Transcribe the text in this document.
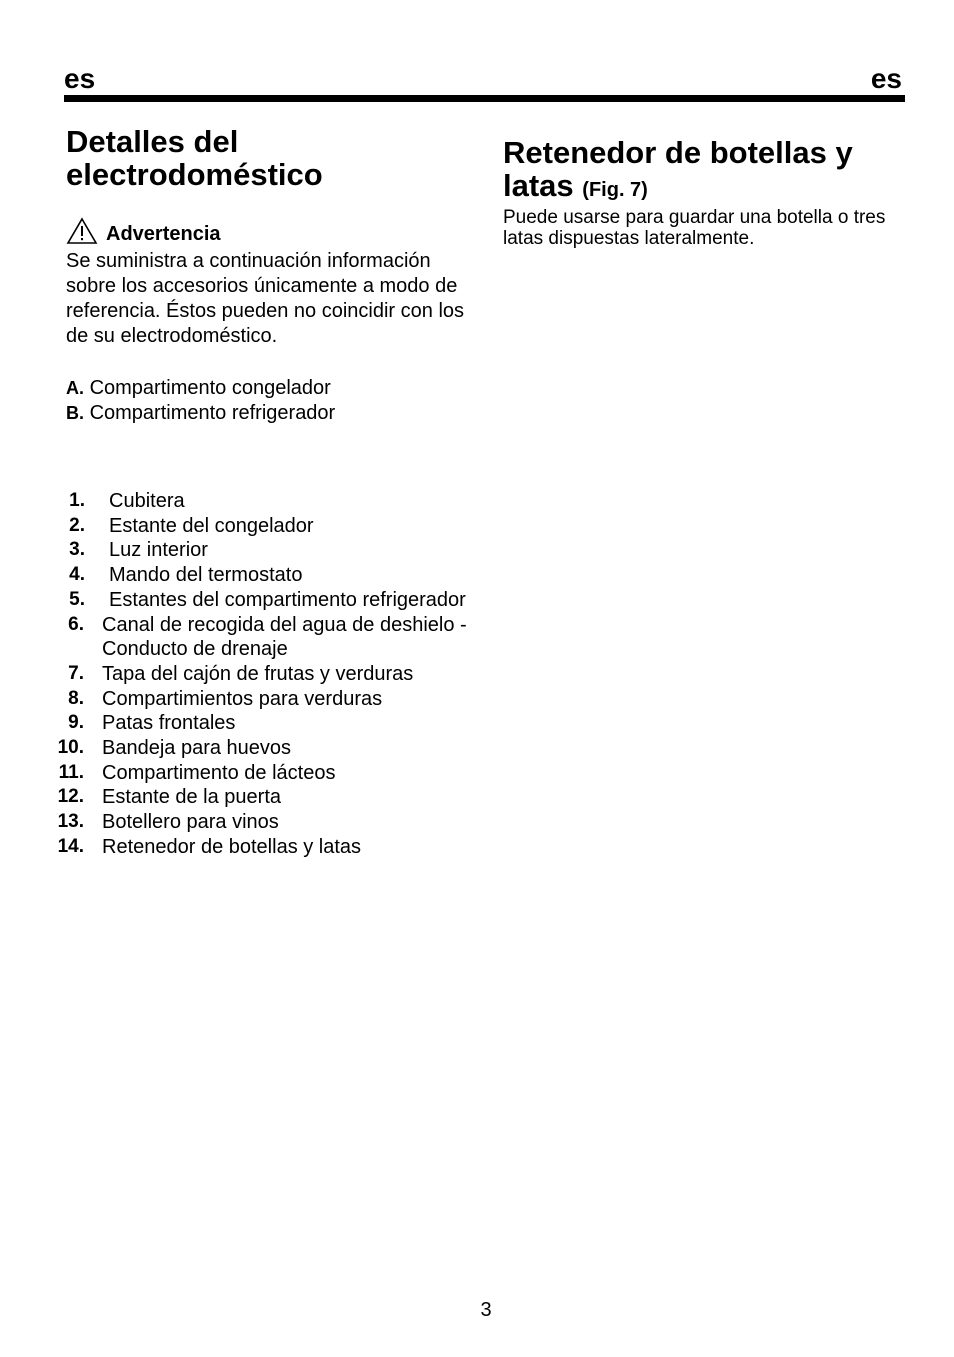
es	es
Detalles del
electrodoméstico
Advertencia

Se suministra a continuación información sobre los accesorios únicamente a modo de referencia. Éstos pueden no coincidir con los de su electrodoméstico.

A. Compartimento congelador
B. Compartimento refrigerador
1.	Cubitera
2.	Estante del congelador
3.	Luz interior
4.	Mando del termostato
5.	Estantes del compartimento refrigerador
6. Canal de recogida del agua de deshielo - Conducto de drenaje
7. Tapa del cajón de frutas y verduras
8. Compartimientos para verduras
9. Patas frontales
10. Bandeja para huevos
11. Compartimento de lácteos
12. Estante de la puerta
13. Botellero para vinos
14. Retenedor de botellas y latas
Retenedor de botellas y
latas (Fig. 7)

Puede usarse para guardar una botella o tres latas dispuestas lateralmente.

3
